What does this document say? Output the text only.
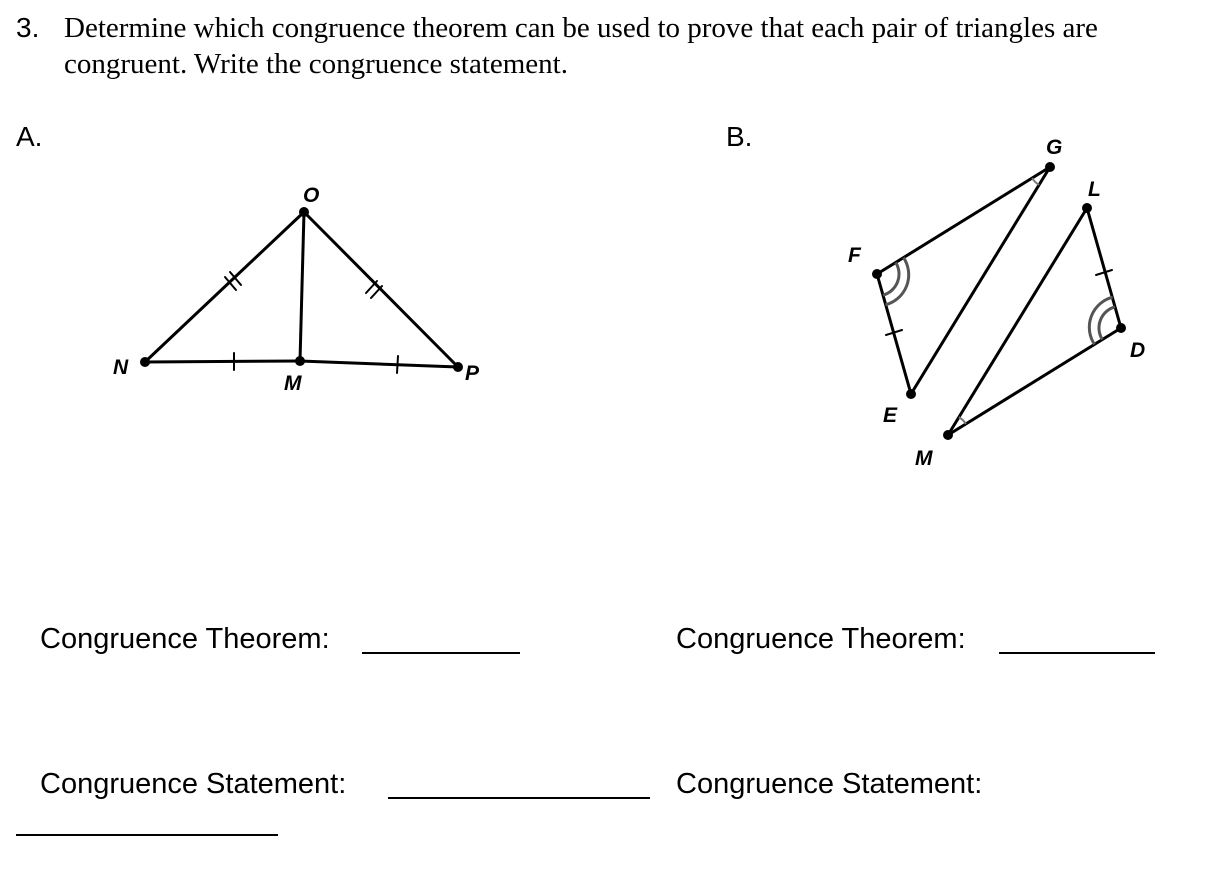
3. Determine which congruence theorem can be used to prove that each pair of triangles are congruent. Write the congruence statement.
A.	B.
O
N
M	P
G
L
F
D
E
M
Congruence Theorem:
Congruence Statement:
Congruence Theorem:
Congruence Statement:
